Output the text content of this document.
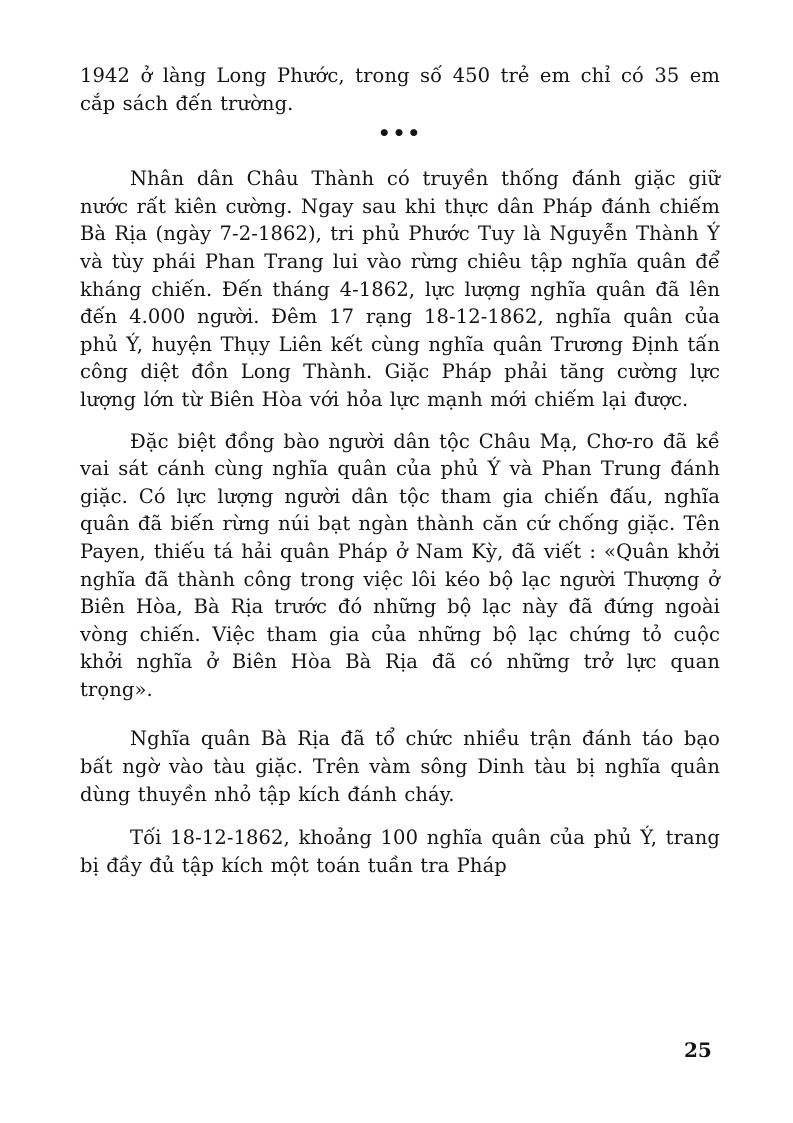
1942 ở làng Long Phước, trong số 450 trẻ em chỉ có 35 em cắp sách đến trường.

•••

Nhân dân Châu Thành có truyền thống đánh giặc giữ nước rất kiên cường. Ngay sau khi thực dân Pháp đánh chiếm Bà Rịa (ngày 7-2-1862), tri phủ Phước Tuy là Nguyễn Thành Ý và tùy phái Phan Trang lui vào rừng chiêu tập nghĩa quân để kháng chiến. Đến tháng 4-1862, lực lượng nghĩa quân đã lên đến 4.000 người. Đêm 17 rạng 18-12-1862, nghĩa quân của phủ Ý, huyện Thụy Liên kết cùng nghĩa quân Trương Định tấn công diệt đồn Long Thành. Giặc Pháp phải tăng cường lực lượng lớn từ Biên Hòa với hỏa lực mạnh mới chiếm lại được.

Đặc biệt đồng bào người dân tộc Châu Mạ, Chơ-ro đã kề vai sát cánh cùng nghĩa quân của phủ Ý và Phan Trung đánh giặc. Có lực lượng người dân tộc tham gia chiến đấu, nghĩa quân đã biến rừng núi bạt ngàn thành căn cứ chống giặc. Tên Payen, thiếu tá hải quân Pháp ở Nam Kỳ, đã viết : «Quân khởi nghĩa đã thành công trong việc lôi kéo bộ lạc người Thượng ở Biên Hòa, Bà Rịa trước đó những bộ lạc này đã đứng ngoài vòng chiến. Việc tham gia của những bộ lạc chứng tỏ cuộc khởi nghĩa ở Biên Hòa Bà Rịa đã có những trở lực quan trọng».

Nghĩa quân Bà Rịa đã tổ chức nhiều trận đánh táo bạo bất ngờ vào tàu giặc. Trên vàm sông Dinh tàu bị nghĩa quân dùng thuyền nhỏ tập kích đánh cháy.

Tối 18-12-1862, khoảng 100 nghĩa quân của phủ Ý, trang bị đầy đủ tập kích một toán tuần tra Pháp

25
